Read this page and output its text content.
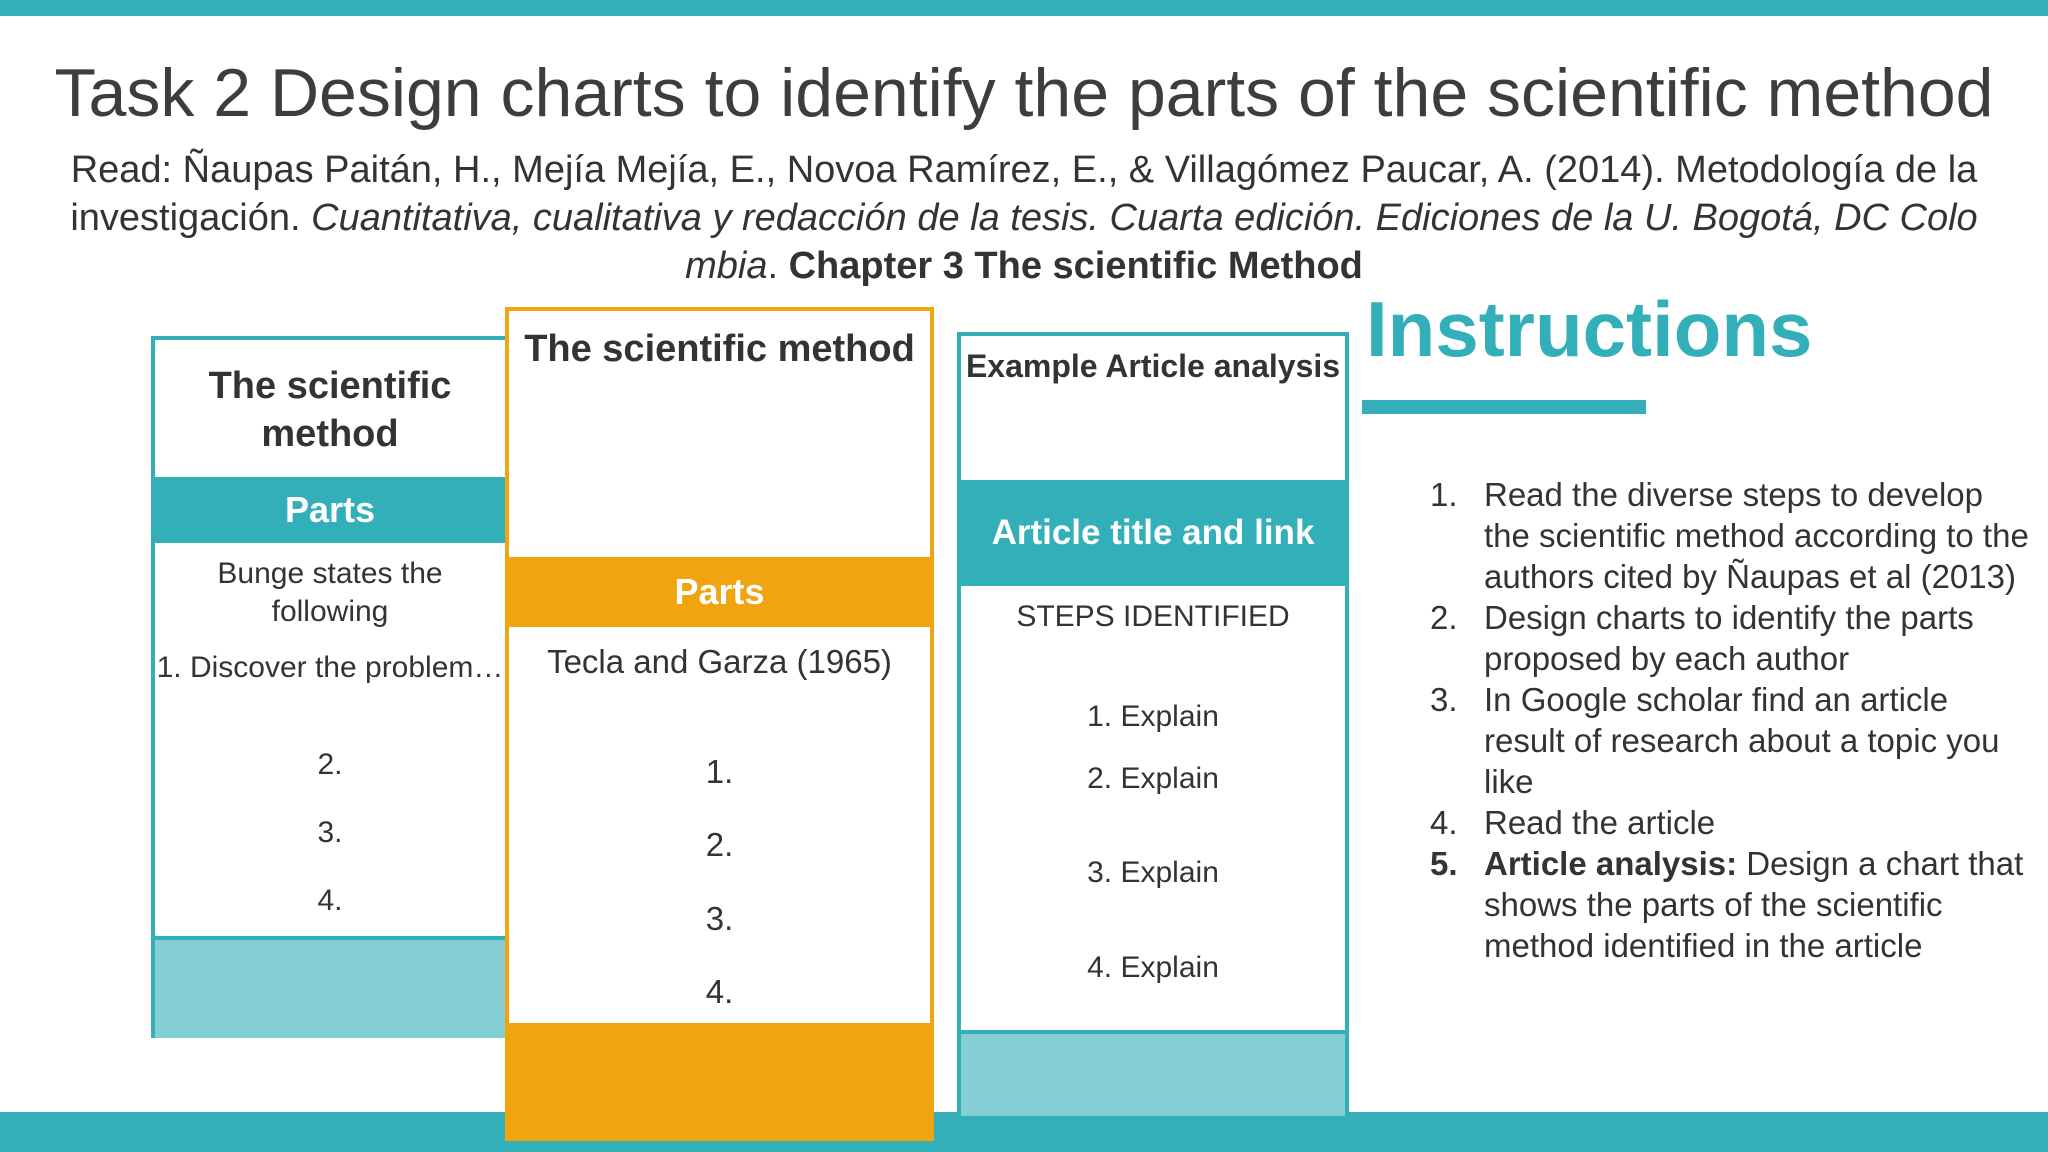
Task 2 Design charts to identify the parts of the scientific method
Read: Ñaupas Paitán, H., Mejía Mejía, E., Novoa Ramírez, E., & Villagómez Paucar, A. (2014). Metodología de la investigación. Cuantitativa, cualitativa y redacción de la tesis. Cuarta edición. Ediciones de la U. Bogotá, DC Colo mbia. Chapter 3 The scientific Method
The scientific method
Parts
Bunge states the following
1. Discover the problem…
2.
3.
4.
The scientific method
Parts
Tecla and Garza (1965)
1.
2.
3.
4.
Example Article analysis
Article title and link
STEPS IDENTIFIED
1. Explain
2. Explain
3. Explain
4. Explain
Instructions
1. Read the diverse steps to develop the scientific method according to the authors cited by Ñaupas et al (2013)
2. Design charts to identify the parts proposed by each author
3. In Google scholar find an article result of research about a topic you like
4. Read the article
5. Article analysis: Design a chart that shows the parts of the scientific method identified in the article
